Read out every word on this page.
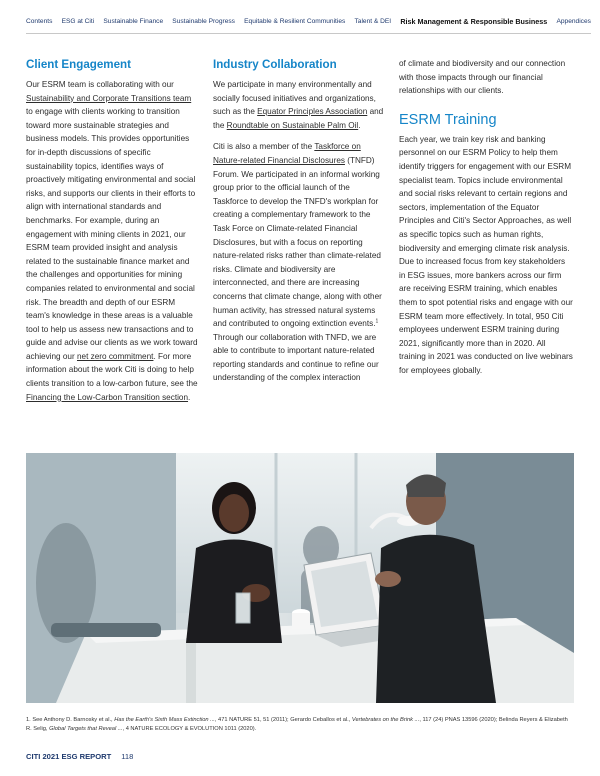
Contents ESG at Citi Sustainable Finance Sustainable Progress Equitable & Resilient Communities Talent & DEI Risk Management & Responsible Business Appendices
Client Engagement

Our ESRM team is collaborating with our Sustainability and Corporate Transitions team to engage with clients working to transition toward more sustainable strategies and business models. This provides opportunities for in-depth discussions of specific sustainability topics, identifies ways of proactively mitigating environmental and social risks, and supports our clients in their efforts to align with international standards and benchmarks. For example, during an engagement with mining clients in 2021, our ESRM team provided insight and analysis related to the sustainable finance market and the challenges and opportunities for mining companies related to environmental and social risk. The breadth and depth of our ESRM team's knowledge in these areas is a valuable tool to help us assess new transactions and to guide and advise our clients as we work toward achieving our net zero commitment. For more information about the work Citi is doing to help clients transition to a low-carbon future, see the Financing the Low-Carbon Transition section.

Industry Collaboration

We participate in many environmentally and socially focused initiatives and organizations, such as the Equator Principles Association and the Roundtable on Sustainable Palm Oil.

Citi is also a member of the Taskforce on Nature-related Financial Disclosures (TNFD) Forum. We participated in an informal working group prior to the official launch of the Taskforce to develop the TNFD's workplan for creating a complementary framework to the Task Force on Climate-related Financial Disclosures, but with a focus on reporting nature-related risks rather than climate-related risks. Climate and biodiversity are interconnected, and there are increasing concerns that climate change, along with other human activity, has stressed natural systems and contributed to ongoing extinction events.$^1$ Through our collaboration with TNFD, we are able to contribute to important nature-related reporting standards and continue to refine our understanding of the complex interaction

of climate and biodiversity and our connection with those impacts through our financial relationships with our clients.

ESRM Training

Each year, we train key risk and banking personnel on our ESRM Policy to help them identify triggers for engagement with our ESRM specialist team. Topics include environmental and social risks relevant to certain regions and sectors, implementation of the Equator Principles and Citi's Sector Approaches, as well as specific topics such as human rights, biodiversity and emerging climate risk analysis. Due to increased focus from key stakeholders in ESG issues, more bankers across our firm are receiving ESRM training, which enables them to spot potential risks and engage with our ESRM team more effectively. In total, 950 Citi employees underwent ESRM training during 2021, significantly more than in 2020. All training in 2021 was conducted on live webinars for employees globally.

1. See Anthony D. Barnosky et al., Has the Earth's Sixth Mass Extinction ..., 471 NATURE 51, 51 (2011); Gerardo Ceballos et al., Vertebrates on the Brink ..., 117 (24) PNAS 13596 (2020); Belinda Reyers & Elizabeth R. Selig, Global Targets that Reveal ..., 4 NATURE ECOLOGY & EVOLUTION 1011 (2020).
CITI 2021 ESG REPORT 118
